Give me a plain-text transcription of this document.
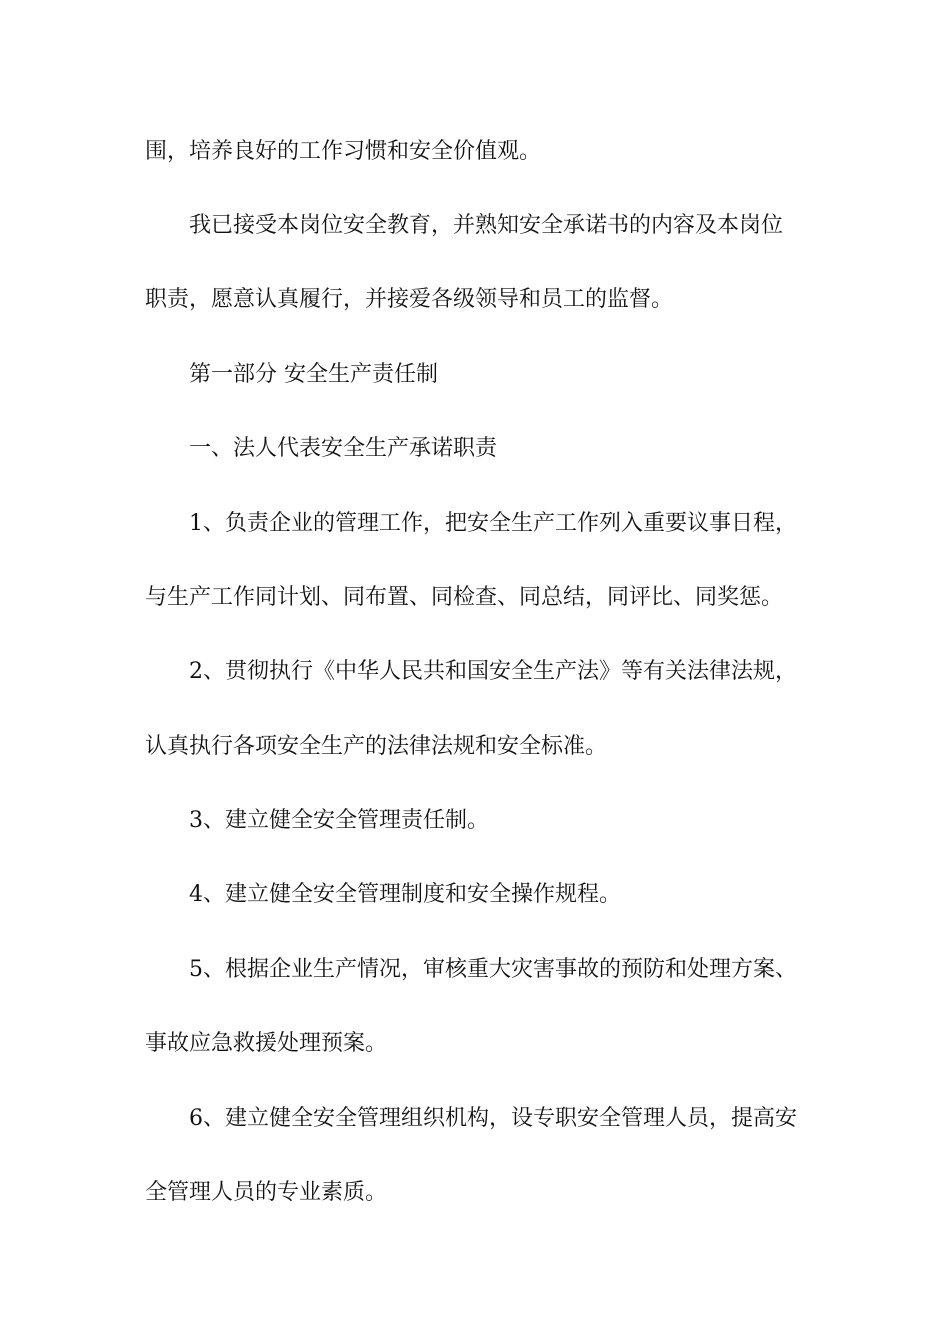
围，培养良好的工作习惯和安全价值观。
我已接受本岗位安全教育，并熟知安全承诺书的内容及本岗位
职责，愿意认真履行，并接爱各级领导和员工的监督。
第一部分 安全生产责任制
一、法人代表安全生产承诺职责
1、负责企业的管理工作，把安全生产工作列入重要议事日程，
与生产工作同计划、同布置、同检查、同总结，同评比、同奖惩。
2、贯彻执行《中华人民共和国安全生产法》等有关法律法规，
认真执行各项安全生产的法律法规和安全标准。
3、建立健全安全管理责任制。
4、建立健全安全管理制度和安全操作规程。
5、根据企业生产情况，审核重大灾害事故的预防和处理方案、
事故应急救援处理预案。
6、建立健全安全管理组织机构，设专职安全管理人员，提高安
全管理人员的专业素质。
